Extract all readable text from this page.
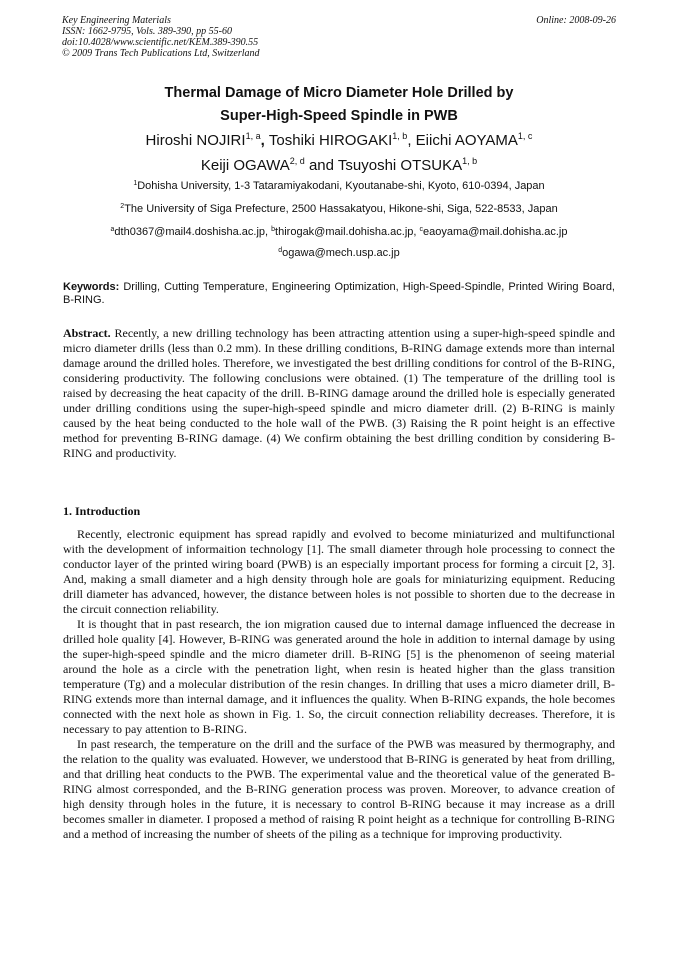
Key Engineering Materials
ISSN: 1662-9795, Vols. 389-390, pp 55-60
doi:10.4028/www.scientific.net/KEM.389-390.55
© 2009 Trans Tech Publications Ltd, Switzerland
Online: 2008-09-26
Thermal Damage of Micro Diameter Hole Drilled by
Super-High-Speed Spindle in PWB
Hiroshi NOJIRI$^{1, a}$, Toshiki HIROGAKI$^{1, b}$, Eiichi AOYAMA$^{1, c}$
Keiji OGAWA$^{2, d}$ and Tsuyoshi OTSUKA$^{1, b}$
$^1$Dohisha University, 1-3 Tataramiyakodani, Kyoutanabe-shi, Kyoto, 610-0394, Japan
$^2$The University of Siga Prefecture, 2500 Hassakatyou, Hikone-shi, Siga, 522-8533, Japan
$^a$dth0367@mail4.doshisha.ac.jp, $^b$thirogak@mail.dohisha.ac.jp, $^c$eaoyama@mail.dohisha.ac.jp
$^d$ogawa@mech.usp.ac.jp
Keywords: Drilling, Cutting Temperature, Engineering Optimization, High-Speed-Spindle, Printed Wiring Board, B-RING.
Abstract. Recently, a new drilling technology has been attracting attention using a super-high-speed spindle and micro diameter drills (less than 0.2 mm). In these drilling conditions, B-RING damage extends more than internal damage around the drilled holes. Therefore, we investigated the best drilling conditions for control of the B-RING, considering productivity. The following conclusions were obtained. (1) The temperature of the drilling tool is raised by decreasing the heat capacity of the drill. B-RING damage around the drilled hole is especially generated under drilling conditions using the super-high-speed spindle and micro diameter drill. (2) B-RING is mainly caused by the heat being conducted to the hole wall of the PWB. (3) Raising the R point height is an effective method for preventing B-RING damage. (4) We confirm obtaining the best drilling condition by considering B-RING and productivity.
1. Introduction

Recently, electronic equipment has spread rapidly and evolved to become miniaturized and multifunctional with the development of informaition technology [1]. The small diameter through hole processing to connect the conductor layer of the printed wiring board (PWB) is an especially important process for forming a circuit [2, 3]. And, making a small diameter and a high density through hole are goals for miniaturizing equipment. Reducing drill diameter has advanced, however, the distance between holes is not possible to shorten due to the decrease in the circuit connection reliability.

It is thought that in past research, the ion migration caused due to internal damage influenced the decrease in drilled hole quality [4]. However, B-RING was generated around the hole in addition to internal damage by using the super-high-speed spindle and the micro diameter drill. B-RING [5] is the phenomenon of seeing material around the hole as a circle with the penetration light, when resin is heated higher than the glass transition temperature (Tg) and a molecular distribution of the resin changes. In drilling that uses a micro diameter drill, B-RING extends more than internal damage, and it influences the quality. When B-RING expands, the hole becomes connected with the next hole as shown in Fig. 1. So, the circuit connection reliability decreases. Therefore, it is necessary to pay attention to B-RING.

In past research, the temperature on the drill and the surface of the PWB was measured by thermography, and the relation to the quality was evaluated. However, we understood that B-RING is generated by heat from drilling, and that drilling heat conducts to the PWB. The experimental value and the theoretical value of the generated B-RING almost corresponded, and the B-RING generation process was proven. Moreover, to advance creation of high density through holes in the future, it is necessary to control B-RING because it may increase as a drill becomes smaller in diameter. I proposed a method of raising R point height as a technique for controlling B-RING and a method of increasing the number of sheets of the piling as a technique for improving productivity.
